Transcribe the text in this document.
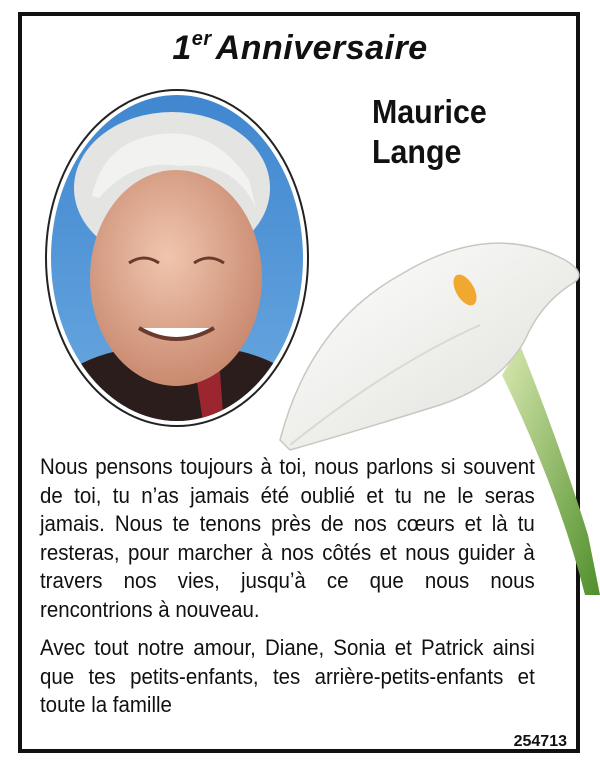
1er Anniversaire
Maurice
Lange

Nous pensons toujours à toi, nous parlons si souvent de toi, tu n’as jamais été oublié et tu ne le seras jamais. Nous te tenons près de nos cœurs et là tu resteras, pour marcher à nos côtés et nous guider à travers nos vies, jusqu’à ce que nous nous rencontrions à nouveau.

Avec tout notre amour, Diane, Sonia et Patrick ainsi que tes petits-enfants, tes arrière-petits-enfants et toute la famille

254713
